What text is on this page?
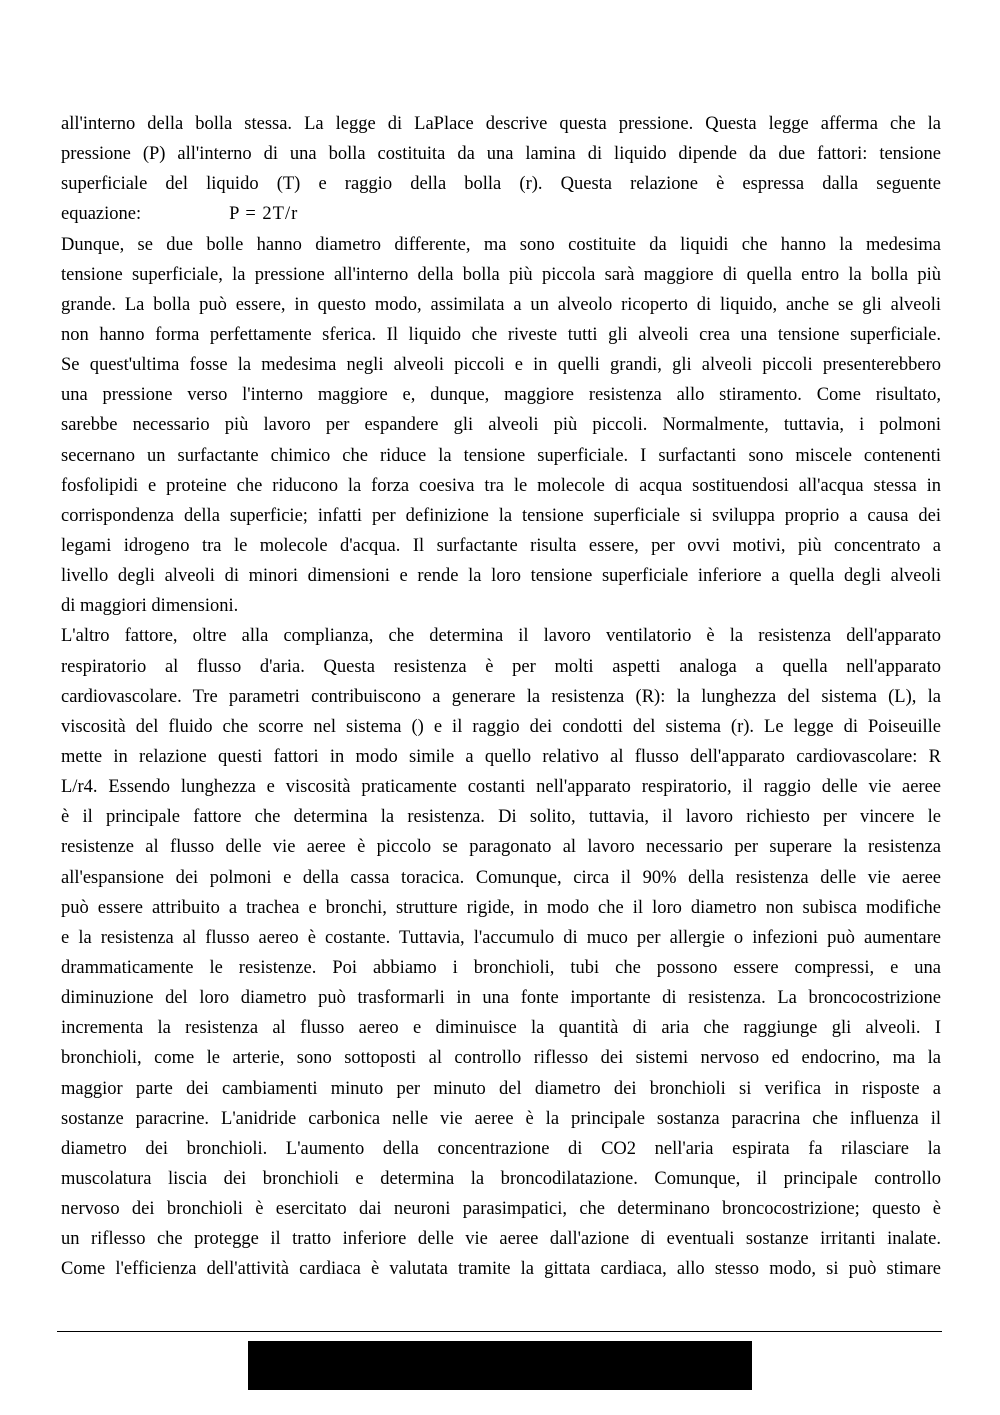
all'interno della bolla stessa. La legge di LaPlace descrive questa pressione. Questa legge afferma che la
pressione (P) all'interno di una bolla costituita da una lamina di liquido dipende da due fattori: tensione
superficiale del liquido (T) e raggio della bolla (r). Questa relazione è espressa dalla seguente
equazione:	P = 2T/r
Dunque, se due bolle hanno diametro differente, ma sono costituite da liquidi che hanno la medesima
tensione superficiale, la pressione all'interno della bolla più piccola sarà maggiore di quella entro la bolla più
grande. La bolla può essere, in questo modo, assimilata a un alveolo ricoperto di liquido, anche se gli alveoli
non hanno forma perfettamente sferica. Il liquido che riveste tutti gli alveoli crea una tensione superficiale.
Se quest'ultima fosse la medesima negli alveoli piccoli e in quelli grandi, gli alveoli piccoli presenterebbero
una pressione verso l'interno maggiore e, dunque, maggiore resistenza allo stiramento. Come risultato,
sarebbe necessario più lavoro per espandere gli alveoli più piccoli. Normalmente, tuttavia, i polmoni
secernano un surfactante chimico che riduce la tensione superficiale. I surfactanti sono miscele contenenti
fosfolipidi e proteine che riducono la forza coesiva tra le molecole di acqua sostituendosi all'acqua stessa in
corrispondenza della superficie; infatti per definizione la tensione superficiale si sviluppa proprio a causa dei
legami idrogeno tra le molecole d'acqua. Il surfactante risulta essere, per ovvi motivi, più concentrato a
livello degli alveoli di minori dimensioni e rende la loro tensione superficiale inferiore a quella degli alveoli
di maggiori dimensioni.
L'altro fattore, oltre alla complianza, che determina il lavoro ventilatorio è la resistenza dell'apparato
respiratorio al flusso d'aria. Questa resistenza è per molti aspetti analoga a quella nell'apparato
cardiovascolare. Tre parametri contribuiscono a generare la resistenza (R): la lunghezza del sistema (L), la
viscosità del fluido che scorre nel sistema () e il raggio dei condotti del sistema (r). Le legge di Poiseuille
mette in relazione questi fattori in modo simile a quello relativo al flusso dell'apparato cardiovascolare: R
L/r4. Essendo lunghezza e viscosità praticamente costanti nell'apparato respiratorio, il raggio delle vie aeree
è il principale fattore che determina la resistenza. Di solito, tuttavia, il lavoro richiesto per vincere le
resistenze al flusso delle vie aeree è piccolo se paragonato al lavoro necessario per superare la resistenza
all'espansione dei polmoni e della cassa toracica. Comunque, circa il 90% della resistenza delle vie aeree
può essere attribuito a trachea e bronchi, strutture rigide, in modo che il loro diametro non subisca modifiche
e la resistenza al flusso aereo è costante. Tuttavia, l'accumulo di muco per allergie o infezioni può aumentare
drammaticamente le resistenze. Poi abbiamo i bronchioli, tubi che possono essere compressi, e una
diminuzione del loro diametro può trasformarli in una fonte importante di resistenza. La broncocostrizione
incrementa la resistenza al flusso aereo e diminuisce la quantità di aria che raggiunge gli alveoli. I
bronchioli, come le arterie, sono sottoposti al controllo riflesso dei sistemi nervoso ed endocrino, ma la
maggior parte dei cambiamenti minuto per minuto del diametro dei bronchioli si verifica in risposte a
sostanze paracrine. L'anidride carbonica nelle vie aeree è la principale sostanza paracrina che influenza il
diametro dei bronchioli. L'aumento della concentrazione di CO2 nell'aria espirata fa rilasciare la
muscolatura liscia dei bronchioli e determina la broncodilatazione. Comunque, il principale controllo
nervoso dei bronchioli è esercitato dai neuroni parasimpatici, che determinano broncocostrizione; questo è
un riflesso che protegge il tratto inferiore delle vie aeree dall'azione di eventuali sostanze irritanti inalate.
Come l'efficienza dell'attività cardiaca è valutata tramite la gittata cardiaca, allo stesso modo, si può stimare
